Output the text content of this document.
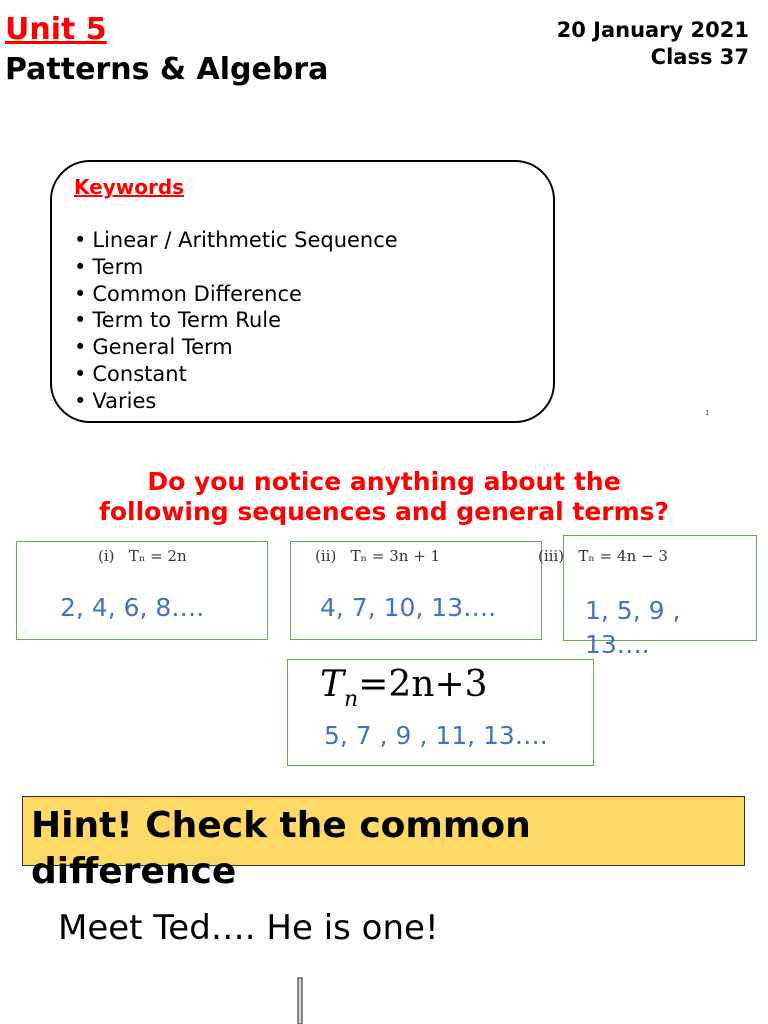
Unit 5
Patterns & Algebra
20 January 2021
Class 37
Keywords
• Linear / Arithmetic Sequence
• Term
• Common Difference
• Term to Term Rule
• General Term
• Constant
• Varies
1
Do you notice anything about the
following sequences and general terms?
(i) Tₙ = 2n	(ii) Tₙ = 3n + 1	(iii) Tₙ = 4n − 3
2, 4, 6, 8….	4, 7, 10, 13….	1, 5, 9 , 13….
$T_n=2n+3$
5, 7 , 9 , 11, 13….
Hint! Check the common
difference
Meet Ted…. He is one!
